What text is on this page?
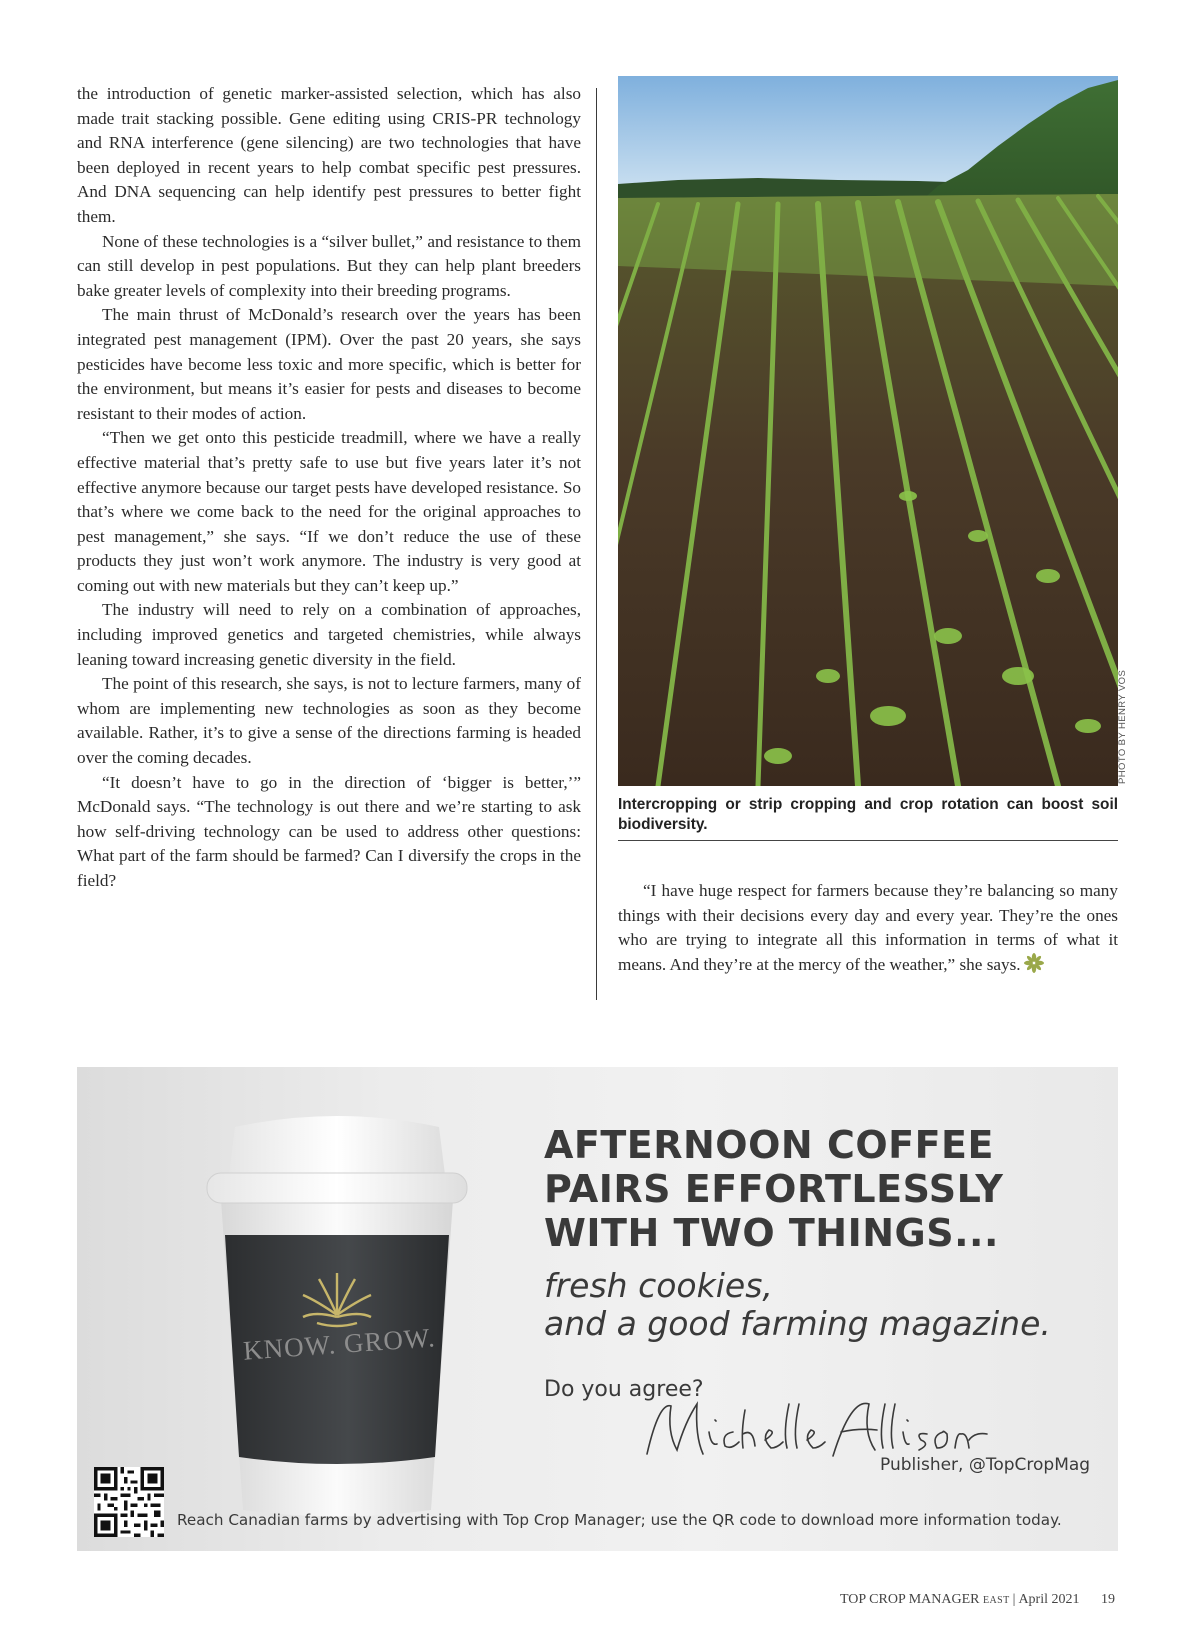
the introduction of genetic marker-assisted selection, which has also made trait stacking possible. Gene editing using CRIS-PR technology and RNA interference (gene silencing) are two technologies that have been deployed in recent years to help combat specific pest pressures. And DNA sequencing can help identify pest pressures to better fight them.

None of these technologies is a “silver bullet,” and resistance to them can still develop in pest populations. But they can help plant breeders bake greater levels of complexity into their breeding programs.

The main thrust of McDonald’s research over the years has been integrated pest management (IPM). Over the past 20 years, she says pesticides have become less toxic and more specific, which is better for the environment, but means it’s easier for pests and diseases to become resistant to their modes of action.

“Then we get onto this pesticide treadmill, where we have a really effective material that’s pretty safe to use but five years later it’s not effective anymore because our target pests have developed resistance. So that’s where we come back to the need for the original approaches to pest management,” she says. “If we don’t reduce the use of these products they just won’t work anymore. The industry is very good at coming out with new materials but they can’t keep up.”

The industry will need to rely on a combination of approaches, including improved genetics and targeted chemistries, while always leaning toward increasing genetic diversity in the field.

The point of this research, she says, is not to lecture farmers, many of whom are implementing new technologies as soon as they become available. Rather, it’s to give a sense of the directions farming is headed over the coming decades.

“It doesn’t have to go in the direction of ‘bigger is better,’” McDonald says. “The technology is out there and we’re starting to ask how self-driving technology can be used to address other questions: What part of the farm should be farmed? Can I diversify the crops in the field?

PHOTO BY HENRY VOS
Intercropping or strip cropping and crop rotation can boost soil biodiversity.

“I have huge respect for farmers because they’re balancing so many things with their decisions every day and every year. They’re the ones who are trying to integrate all this information in terms of what it means. And they’re at the mercy of the weather,” she says.

KNOW. GROW.
AFTERNOON COFFEE
PAIRS EFFORTLESSLY
WITH TWO THINGS...

fresh cookies,
and a good farming magazine.

Do you agree?
Publisher, @TopCropMag
Reach Canadian farms by advertising with Top Crop Manager; use the QR code to download more information today.
TOP CROP MANAGER EAST | April 2021 19
